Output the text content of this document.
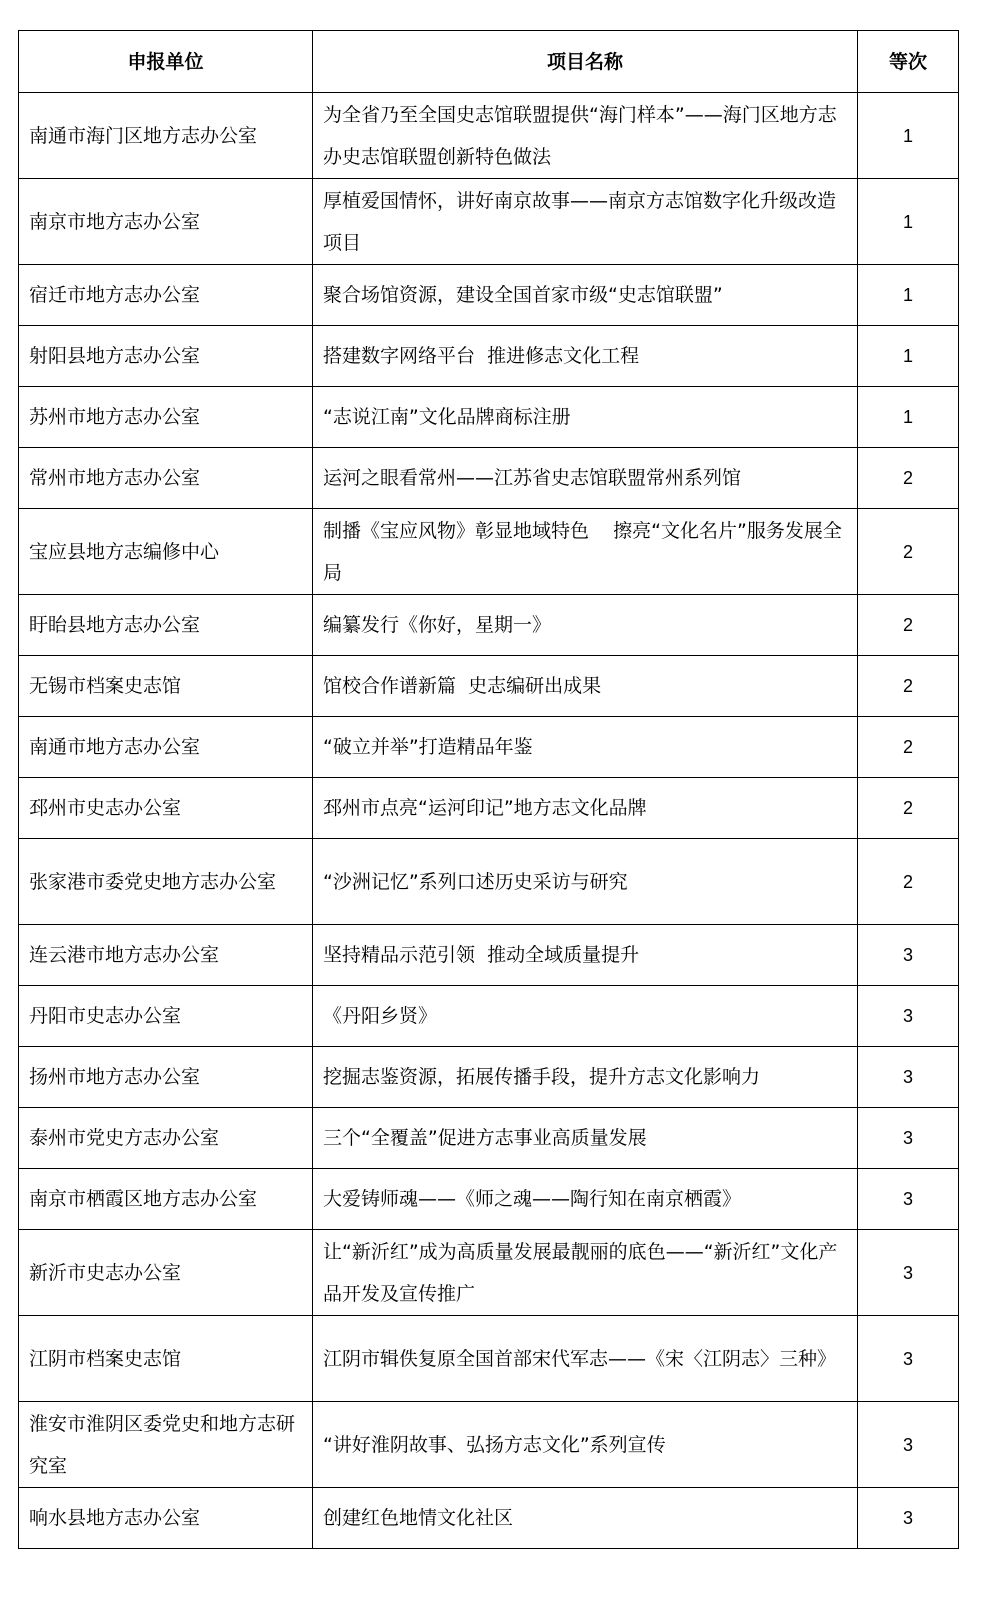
申报单位	项目名称	等次
南通市海门区地方志办公室	为全省乃至全国史志馆联盟提供“海门样本”——海门区地方志办史志馆联盟创新特色做法	1
南京市地方志办公室	厚植爱国情怀，讲好南京故事——南京方志馆数字化升级改造项目	1
宿迁市地方志办公室	聚合场馆资源，建设全国首家市级“史志馆联盟”	1
射阳县地方志办公室	搭建数字网络平台  推进修志文化工程	1
苏州市地方志办公室	“志说江南”文化品牌商标注册	1
常州市地方志办公室	运河之眼看常州——江苏省史志馆联盟常州系列馆	2
宝应县地方志编修中心	制播《宝应风物》彰显地域特色    擦亮“文化名片”服务发展全局	2
盱眙县地方志办公室	编纂发行《你好，星期一》	2
无锡市档案史志馆	馆校合作谱新篇  史志编研出成果	2
南通市地方志办公室	“破立并举”打造精品年鉴	2
邳州市史志办公室	邳州市点亮“运河印记”地方志文化品牌	2
张家港市委党史地方志办公室	“沙洲记忆”系列口述历史采访与研究	2
连云港市地方志办公室	坚持精品示范引领  推动全域质量提升	3
丹阳市史志办公室	《丹阳乡贤》	3
扬州市地方志办公室	挖掘志鉴资源，拓展传播手段，提升方志文化影响力	3
泰州市党史方志办公室	三个“全覆盖”促进方志事业高质量发展	3
南京市栖霞区地方志办公室	大爱铸师魂——《师之魂——陶行知在南京栖霞》	3
新沂市史志办公室	让“新沂红”成为高质量发展最靓丽的底色——“新沂红”文化产品开发及宣传推广	3
江阴市档案史志馆	江阴市辑佚复原全国首部宋代军志——《宋〈江阴志〉三种》	3
淮安市淮阴区委党史和地方志研究室	“讲好淮阴故事、弘扬方志文化”系列宣传	3
响水县地方志办公室	创建红色地情文化社区	3
